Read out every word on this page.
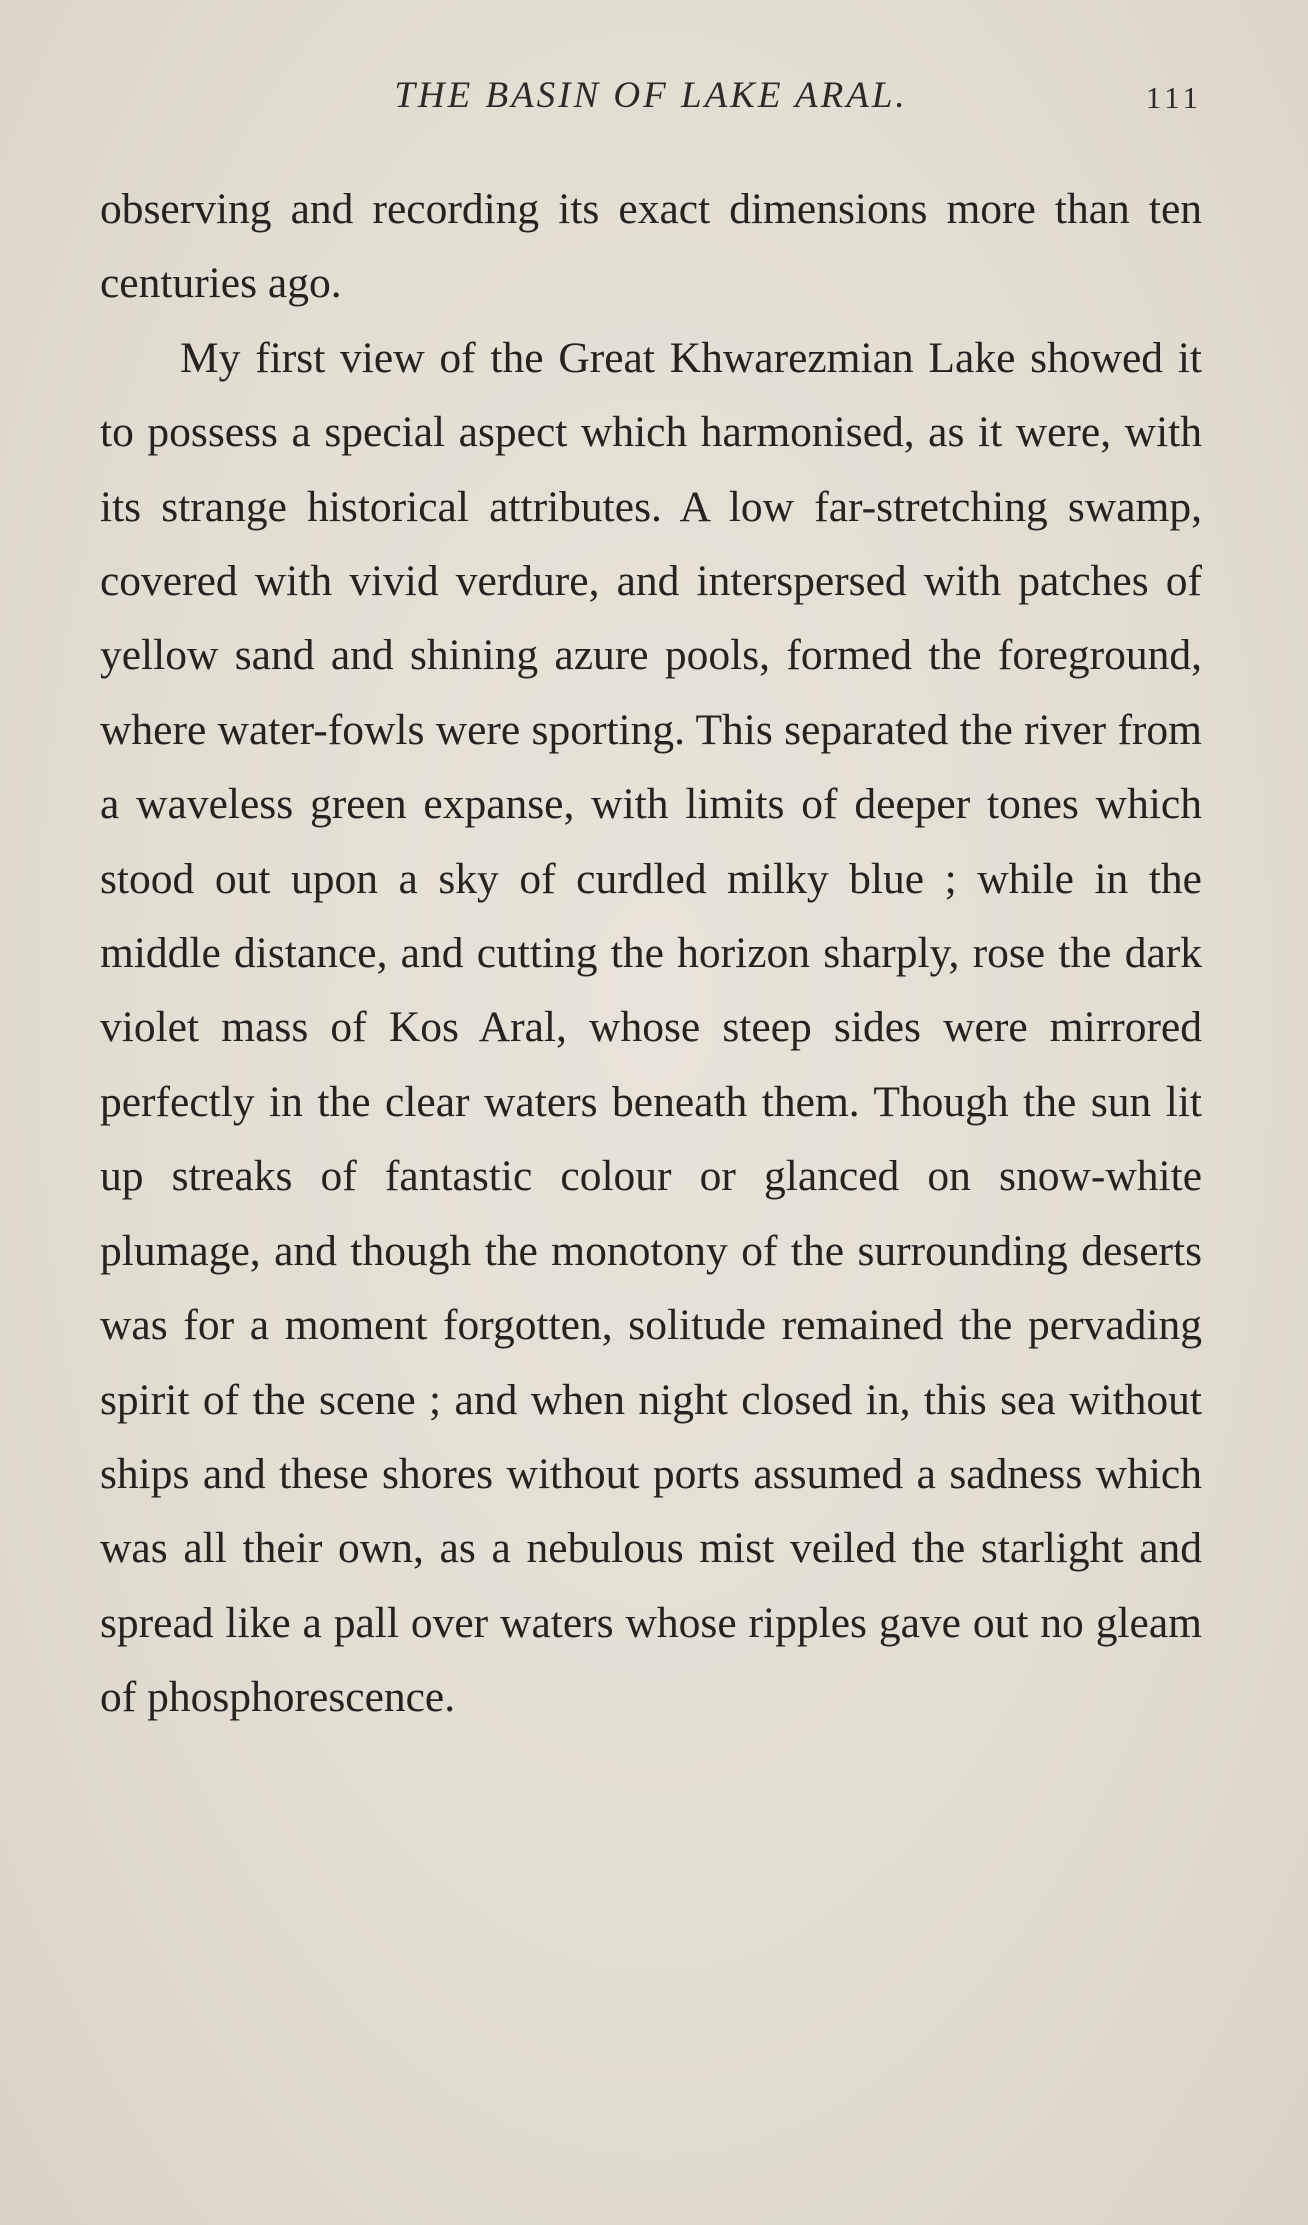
THE BASIN OF LAKE ARAL.	111

observing and recording its exact dimensions more than ten centuries ago.

My first view of the Great Khwarezmian Lake showed it to possess a special aspect which harmonised, as it were, with its strange historical attributes. A low far-stretching swamp, covered with vivid verdure, and interspersed with patches of yellow sand and shining azure pools, formed the foreground, where water-fowls were sporting. This separated the river from a waveless green expanse, with limits of deeper tones which stood out upon a sky of curdled milky blue ; while in the middle distance, and cutting the horizon sharply, rose the dark violet mass of Kos Aral, whose steep sides were mirrored perfectly in the clear waters beneath them. Though the sun lit up streaks of fantastic colour or glanced on snow-white plumage, and though the monotony of the surrounding deserts was for a moment forgotten, solitude remained the pervading spirit of the scene ; and when night closed in, this sea without ships and these shores without ports assumed a sadness which was all their own, as a nebulous mist veiled the starlight and spread like a pall over waters whose ripples gave out no gleam of phosphorescence.
